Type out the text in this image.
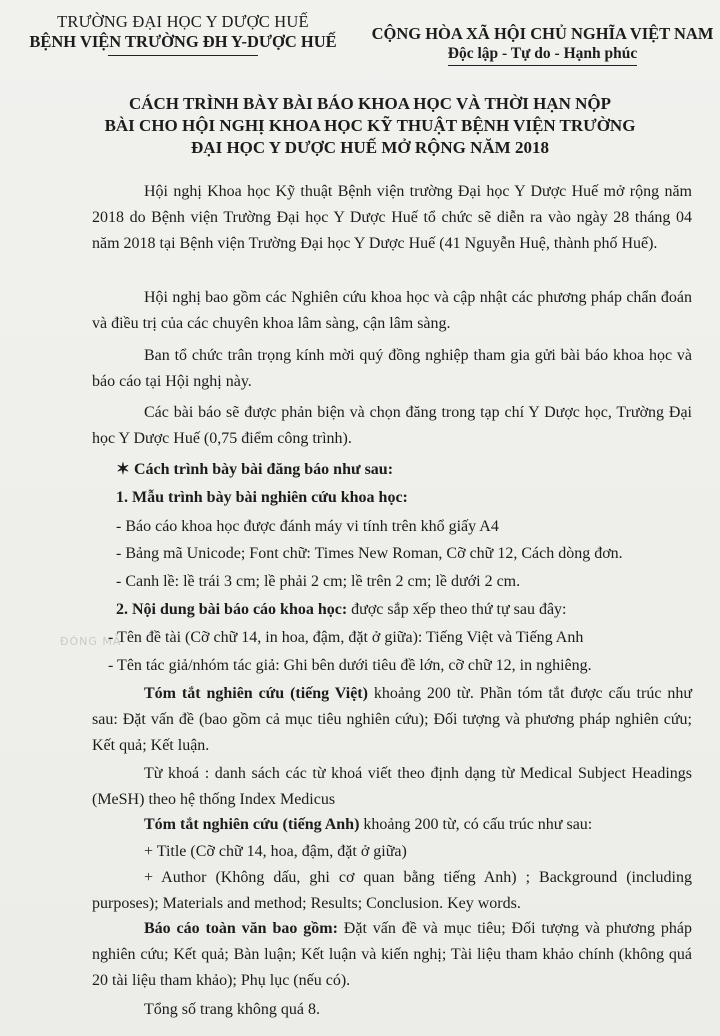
TRƯỜNG ĐẠI HỌC Y DƯỢC HUẾ
BỆNH VIỆN TRƯỜNG ĐH Y-DƯỢC HUẾ CỘNG HÒA XÃ HỘI CHỦ NGHĨA VIỆT NAM
Độc lập - Tự do - Hạnh phúc
CÁCH TRÌNH BÀY BÀI BÁO KHOA HỌC VÀ THỜI HẠN NỘP
BÀI CHO HỘI NGHỊ KHOA HỌC KỸ THUẬT BỆNH VIỆN TRƯỜNG
ĐẠI HỌC Y DƯỢC HUẾ MỞ RỘNG NĂM 2018
ĐÓNG MẪ
Hội nghị Khoa học Kỹ thuật Bệnh viện trường Đại học Y Dược Huế mở rộng năm 2018 do Bệnh viện Trường Đại học Y Dược Huế tổ chức sẽ diễn ra vào ngày 28 tháng 04 năm 2018 tại Bệnh viện Trường Đại học Y Dược Huế (41 Nguyễn Huệ, thành phố Huế).
Hội nghị bao gồm các Nghiên cứu khoa học và cập nhật các phương pháp chẩn đoán và điều trị của các chuyên khoa lâm sàng, cận lâm sàng.
Ban tổ chức trân trọng kính mời quý đồng nghiệp tham gia gửi bài báo khoa học và báo cáo tại Hội nghị này.
Các bài báo sẽ được phản biện và chọn đăng trong tạp chí Y Dược học, Trường Đại học Y Dược Huế (0,75 điểm công trình).
✶ Cách trình bày bài đăng báo như sau:
1. Mẫu trình bày bài nghiên cứu khoa học:
- Báo cáo khoa học được đánh máy vi tính trên khổ giấy A4
- Bảng mã Unicode; Font chữ: Times New Roman, Cỡ chữ 12, Cách dòng đơn.
- Canh lề: lề trái 3 cm; lề phải 2 cm; lề trên 2 cm; lề dưới 2 cm.
2. Nội dung bài báo cáo khoa học: được sắp xếp theo thứ tự sau đây:
- Tên đề tài (Cỡ chữ 14, in hoa, đậm, đặt ở giữa): Tiếng Việt và Tiếng Anh
- Tên tác giả/nhóm tác giả: Ghi bên dưới tiêu đề lớn, cỡ chữ 12, in nghiêng.
Tóm tắt nghiên cứu (tiếng Việt) khoảng 200 từ. Phần tóm tắt được cấu trúc như sau: Đặt vấn đề (bao gồm cả mục tiêu nghiên cứu); Đối tượng và phương pháp nghiên cứu; Kết quả; Kết luận.
Từ khoá : danh sách các từ khoá viết theo định dạng từ Medical Subject Headings (MeSH) theo hệ thống Index Medicus
Tóm tắt nghiên cứu (tiếng Anh) khoảng 200 từ, có cấu trúc như sau:
+ Title (Cỡ chữ 14, hoa, đậm, đặt ở giữa)
+ Author (Không dấu, ghi cơ quan bằng tiếng Anh) ; Background (including purposes); Materials and method; Results; Conclusion. Key words.
Báo cáo toàn văn bao gồm: Đặt vấn đề và mục tiêu; Đối tượng và phương pháp nghiên cứu; Kết quả; Bàn luận; Kết luận và kiến nghị; Tài liệu tham khảo chính (không quá 20 tài liệu tham khảo); Phụ lục (nếu có).
Tổng số trang không quá 8.
